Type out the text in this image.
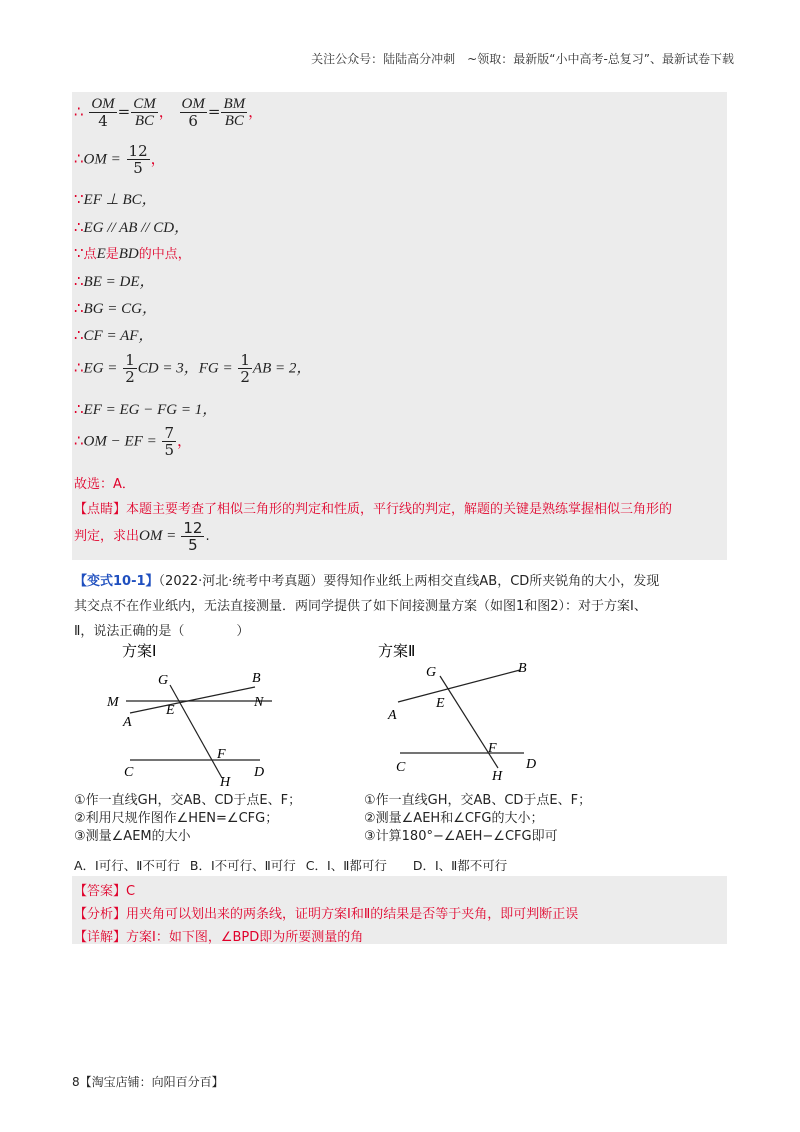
关注公众号：陆陆高分冲刺　~领取：最新版“小中高考-总复习”、最新试卷下载
∴ $\frac{OM}{4} = \frac{CM}{BC}$ ， $\frac{OM}{6} = \frac{BM}{BC}$ ，
∴OM = $\frac{12}{5}$ ，
∵EF ⊥ BC，
∴EG // AB // CD，
∵点E是BD的中点，
∴BE = DE，
∴BG = CG，
∴CF = AF，
∴EG = $\frac{1}{2}$ CD = 3，FG = $\frac{1}{2}$ AB = 2，
∴EF = EG − FG = 1，
∴OM − EF = $\frac{7}{5}$ ，
故选：A．
【点睛】本题主要考查了相似三角形的判定和性质，平行线的判定，解题的关键是熟练掌握相似三角形的
判定，求出OM = $\frac{12}{5}$ .
【变式10-1】（2022·河北·统考中考真题）要得知作业纸上两相交直线AB，CD所夹锐角的大小，发现
其交点不在作业纸内，无法直接测量．两同学提供了如下间接测量方案（如图1和图2）：对于方案Ⅰ、
Ⅱ，说法正确的是（　　　　）
方案Ⅰ
G	B
M
E
N
A
F
C
H
D
方案Ⅱ
G	B
E
A
F
C
H
D
①作一直线GH，交AB、CD于点E、F；
②利用尺规作图作∠HEN=∠CFG；
③测量∠AEM的大小
①作一直线GH，交AB、CD于点E、F；
②测量∠AEH和∠CFG的大小；
③计算180°−∠AEH−∠CFG即可
A．Ⅰ可行、Ⅱ不可行 B．Ⅰ不可行、Ⅱ可行 C．Ⅰ、Ⅱ都可行 D．Ⅰ、Ⅱ都不可行
【答案】C
【分析】用夹角可以划出来的两条线，证明方案Ⅰ和Ⅱ的结果是否等于夹角，即可判断正误
【详解】方案Ⅰ：如下图，∠BPD即为所要测量的角
8【淘宝店铺：向阳百分百】
